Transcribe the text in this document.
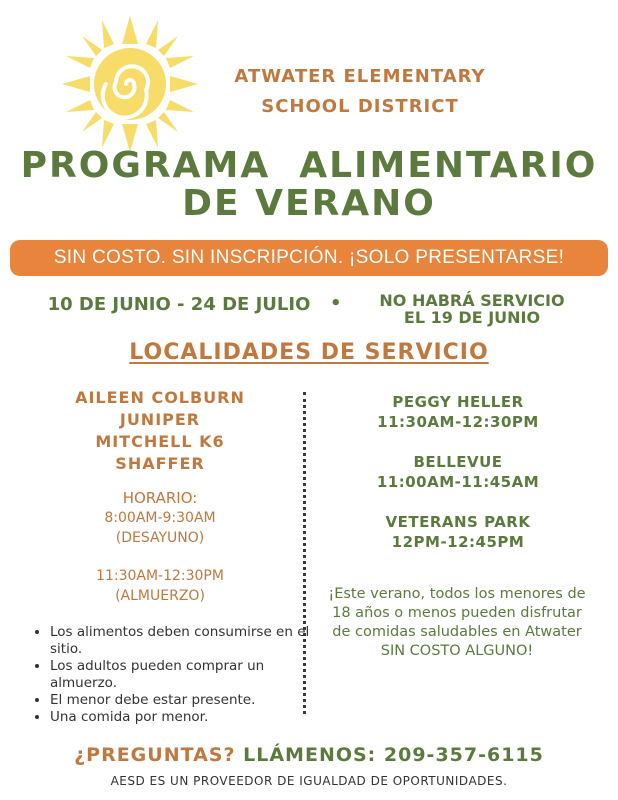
ATWATER ELEMENTARY
SCHOOL DISTRICT
PROGRAMA  ALIMENTARIO
DE VERANO
SIN COSTO. SIN INSCRIPCIÓN. ¡SOLO PRESENTARSE!
10 DE JUNIO - 24 DE JULIO	•	NO HABRÁ SERVICIO
EL 19 DE JUNIO
LOCALIDADES DE SERVICIO
AILEEN COLBURN
JUNIPER
MITCHELL K6
SHAFFER
HORARIO:
8:00AM-9:30AM
(DESAYUNO)
11:30AM-12:30PM
(ALMUERZO)
• Los alimentos deben consumirse en el sitio.
• Los adultos pueden comprar un almuerzo.
• El menor debe estar presente.
• Una comida por menor.
PEGGY HELLER
11:30AM-12:30PM
BELLEVUE
11:00AM-11:45AM
VETERANS PARK
12PM-12:45PM
¡Este verano, todos los menores de 18 años o menos pueden disfrutar de comidas saludables en Atwater SIN COSTO ALGUNO!
¿PREGUNTAS? LLÁMENOS: 209-357-6115
AESD ES UN PROVEEDOR DE IGUALDAD DE OPORTUNIDADES.
